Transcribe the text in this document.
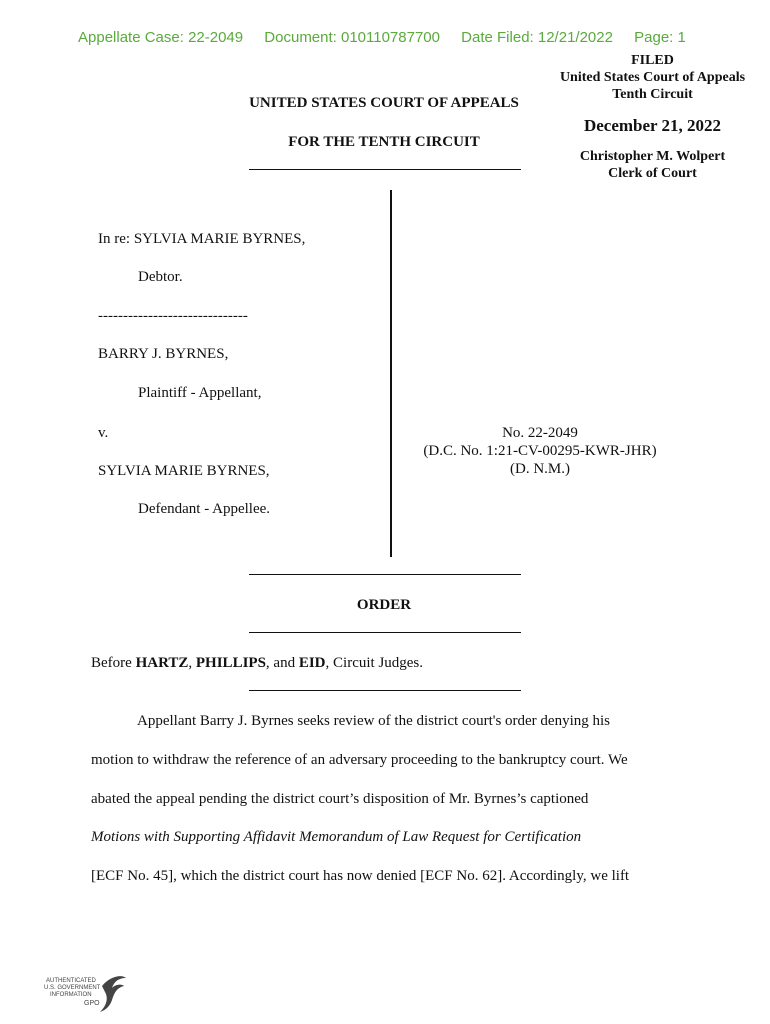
Appellate Case: 22-2049 Document: 010110787700 Date Filed: 12/21/2022 Page: 1
FILED
United States Court of Appeals
Tenth Circuit
December 21, 2022
Christopher M. Wolpert
Clerk of Court
UNITED STATES COURT OF APPEALS
FOR THE TENTH CIRCUIT
In re: SYLVIA MARIE BYRNES,
Debtor.
------------------------------
BARRY J. BYRNES,
Plaintiff - Appellant,
v.
SYLVIA MARIE BYRNES,
Defendant - Appellee.
No. 22-2049
(D.C. No. 1:21-CV-00295-KWR-JHR)
(D. N.M.)
ORDER
Before HARTZ, PHILLIPS, and EID, Circuit Judges.
Appellant Barry J. Byrnes seeks review of the district court's order denying his
motion to withdraw the reference of an adversary proceeding to the bankruptcy court. We
abated the appeal pending the district court’s disposition of Mr. Byrnes’s captioned
Motions with Supporting Affidavit Memorandum of Law Request for Certification
[ECF No. 45], which the district court has now denied [ECF No. 62]. Accordingly, we lift
AUTHENTICATED
U.S. GOVERNMENT
INFORMATION
GPO
